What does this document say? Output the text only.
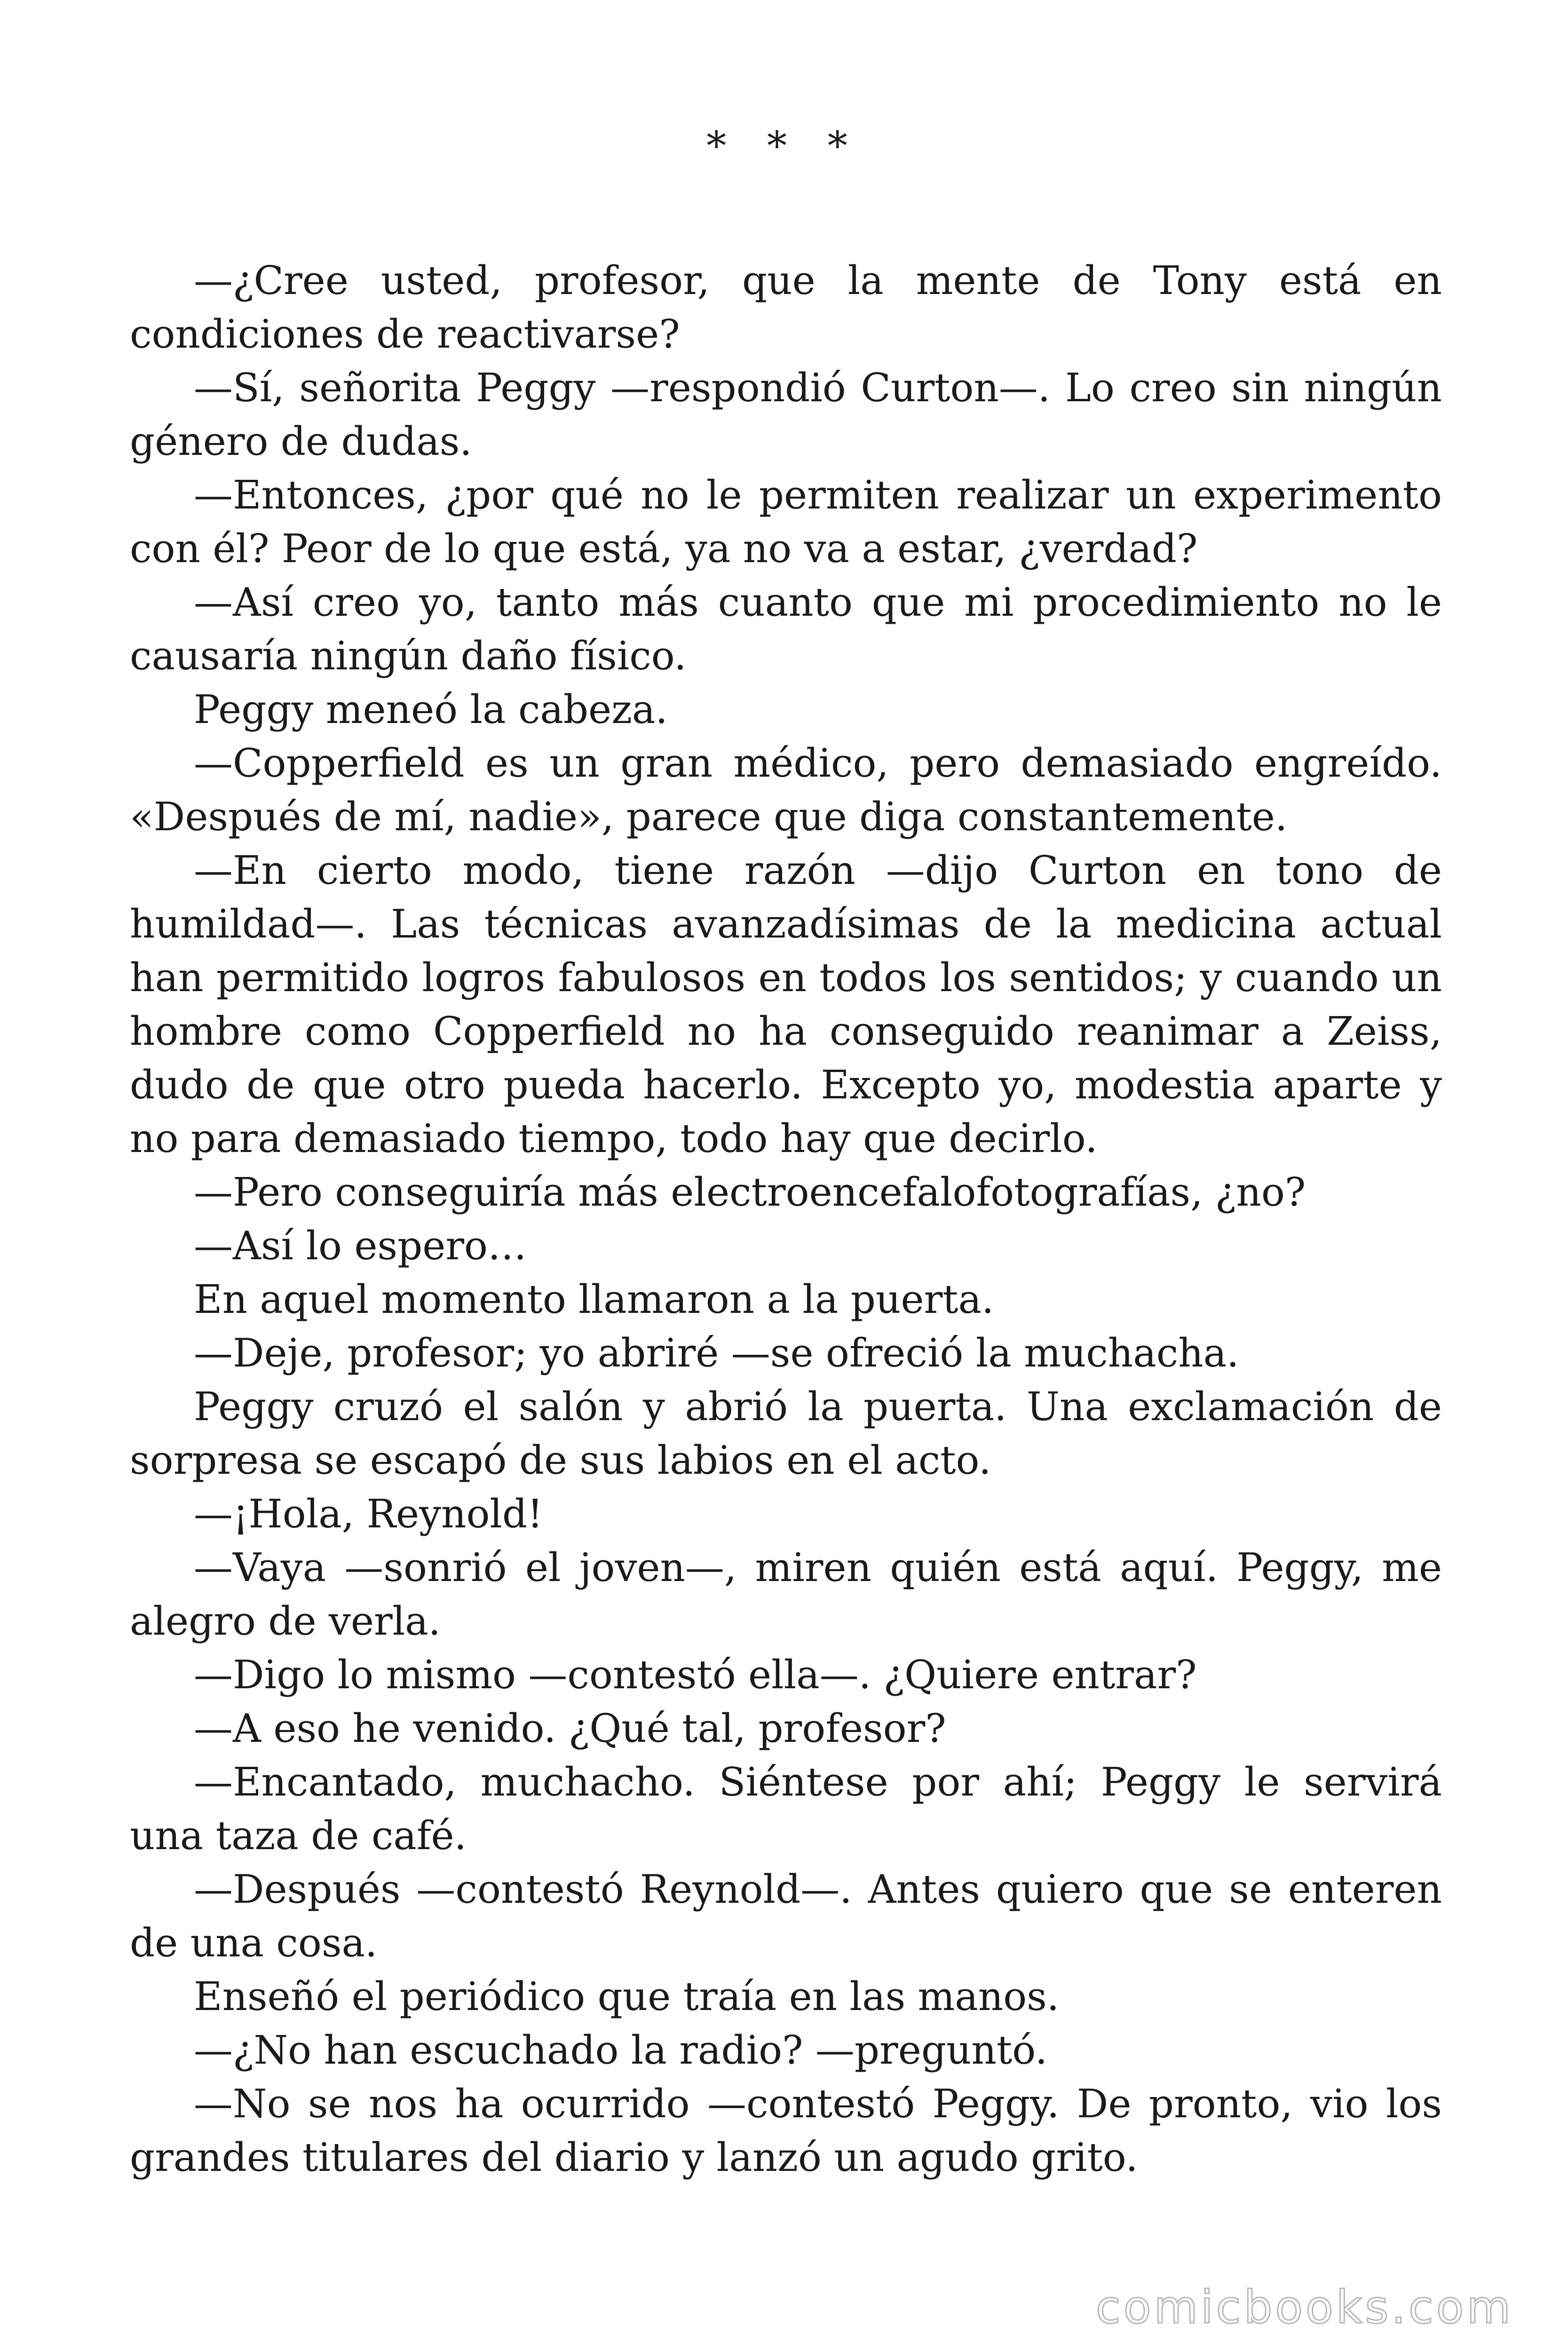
* * *

—¿Cree usted, profesor, que la mente de Tony está en condiciones de reactivarse?

—Sí, señorita Peggy —respondió Curton—. Lo creo sin ningún género de dudas.

—Entonces, ¿por qué no le permiten realizar un experimento con él? Peor de lo que está, ya no va a estar, ¿verdad?

—Así creo yo, tanto más cuanto que mi procedimiento no le causaría ningún daño físico.

Peggy meneó la cabeza.

—Copperfield es un gran médico, pero demasiado engreído. «Después de mí, nadie», parece que diga constantemente.

—En cierto modo, tiene razón —dijo Curton en tono de humildad—. Las técnicas avanzadísimas de la medicina actual han permitido logros fabulosos en todos los sentidos; y cuando un hombre como Copperfield no ha conseguido reanimar a Zeiss, dudo de que otro pueda hacerlo. Excepto yo, modestia aparte y no para demasiado tiempo, todo hay que decirlo.

—Pero conseguiría más electroencefalofotografías, ¿no?

—Así lo espero…

En aquel momento llamaron a la puerta.

—Deje, profesor; yo abriré —se ofreció la muchacha.

Peggy cruzó el salón y abrió la puerta. Una exclamación de sorpresa se escapó de sus labios en el acto.

—¡Hola, Reynold!

—Vaya —sonrió el joven—, miren quién está aquí. Peggy, me alegro de verla.

—Digo lo mismo —contestó ella—. ¿Quiere entrar?

—A eso he venido. ¿Qué tal, profesor?

—Encantado, muchacho. Siéntese por ahí; Peggy le servirá una taza de café.

—Después —contestó Reynold—. Antes quiero que se enteren de una cosa.

Enseñó el periódico que traía en las manos.

—¿No han escuchado la radio? —preguntó.

—No se nos ha ocurrido —contestó Peggy. De pronto, vio los grandes titulares del diario y lanzó un agudo grito.

comicbooks.com
